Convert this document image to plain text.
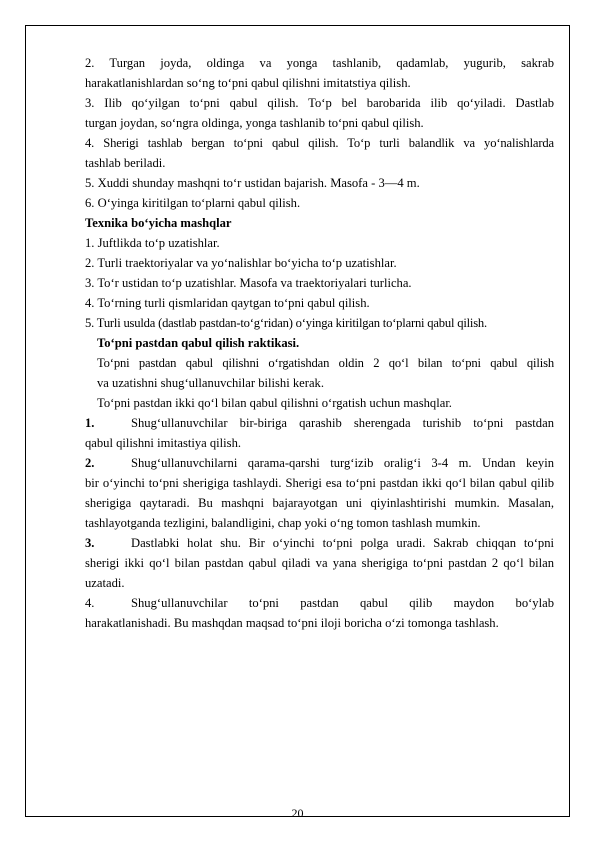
2. Turgan joyda, oldinga va yonga tashlanib, qadamlab, yugurib, sakrab

harakatlanishlardan so‘ng to‘pni qabul qilishni imitatstiya qilish.

3. Ilib qo‘yilgan to‘pni qabul qilish. To‘p bel barobarida ilib qo‘yiladi. Dastlab

turgan joydan, so‘ngra oldinga, yonga tashlanib to‘pni qabul qilish.

4. Sherigi tashlab bergan to‘pni qabul qilish. To‘p turli balandlik va yo‘nalishlarda

tashlab beriladi.

5. Xuddi shunday mashqni to‘r ustidan bajarish. Masofa - 3—4 m.

6. O‘yinga kiritilgan to‘plarni qabul qilish.

Texnika bo‘yicha mashqlar

1. Juftlikda to‘p uzatishlar.

2. Turli traektoriyalar va yo‘nalishlar bo‘yicha to‘p uzatishlar.

3. To‘r ustidan to‘p uzatishlar. Masofa va traektoriyalari turlicha.

4. To‘rning turli qismlaridan qaytgan to‘pni qabul qilish.

5. Turli usulda (dastlab pastdan-to‘g‘ridan) o‘yinga kiritilgan to‘plarni qabul qilish.

To‘pni pastdan qabul qilish raktikasi.

To‘pni pastdan qabul qilishni o‘rgatishdan oldin 2 qo‘l bilan to‘pni qabul qilish

va uzatishni shug‘ullanuvchilar bilishi kerak.

To‘pni pastdan ikki qo‘l bilan qabul qilishni o‘rgatish uchun mashqlar.

1.	Shug‘ullanuvchilar bir-biriga qarashib sherengada turishib to‘pni pastdan

qabul qilishni imitastiya qilish.

2.	Shug‘ullanuvchilarni qarama-qarshi turg‘izib oralig‘i 3-4 m. Undan keyin

bir o‘yinchi to‘pni sherigiga tashlaydi. Sherigi esa to‘pni pastdan ikki qo‘l bilan qabul qilib sherigiga qaytaradi. Bu mashqni bajarayotgan uni qiyinlashtirishi mumkin. Masalan, tashlayotganda tezligini, balandligini, chap yoki o‘ng tomon tashlash mumkin.

3.	Dastlabki holat shu. Bir o‘yinchi to‘pni polga uradi. Sakrab chiqqan to‘pni

sherigi ikki qo‘l bilan pastdan qabul qiladi va yana sherigiga to‘pni pastdan 2 qo‘l bilan uzatadi.

4.	Shug‘ullanuvchilar to‘pni pastdan qabul qilib maydon bo‘ylab

harakatlanishadi. Bu mashqdan maqsad to‘pni iloji boricha o‘zi tomonga tashlash.

20
